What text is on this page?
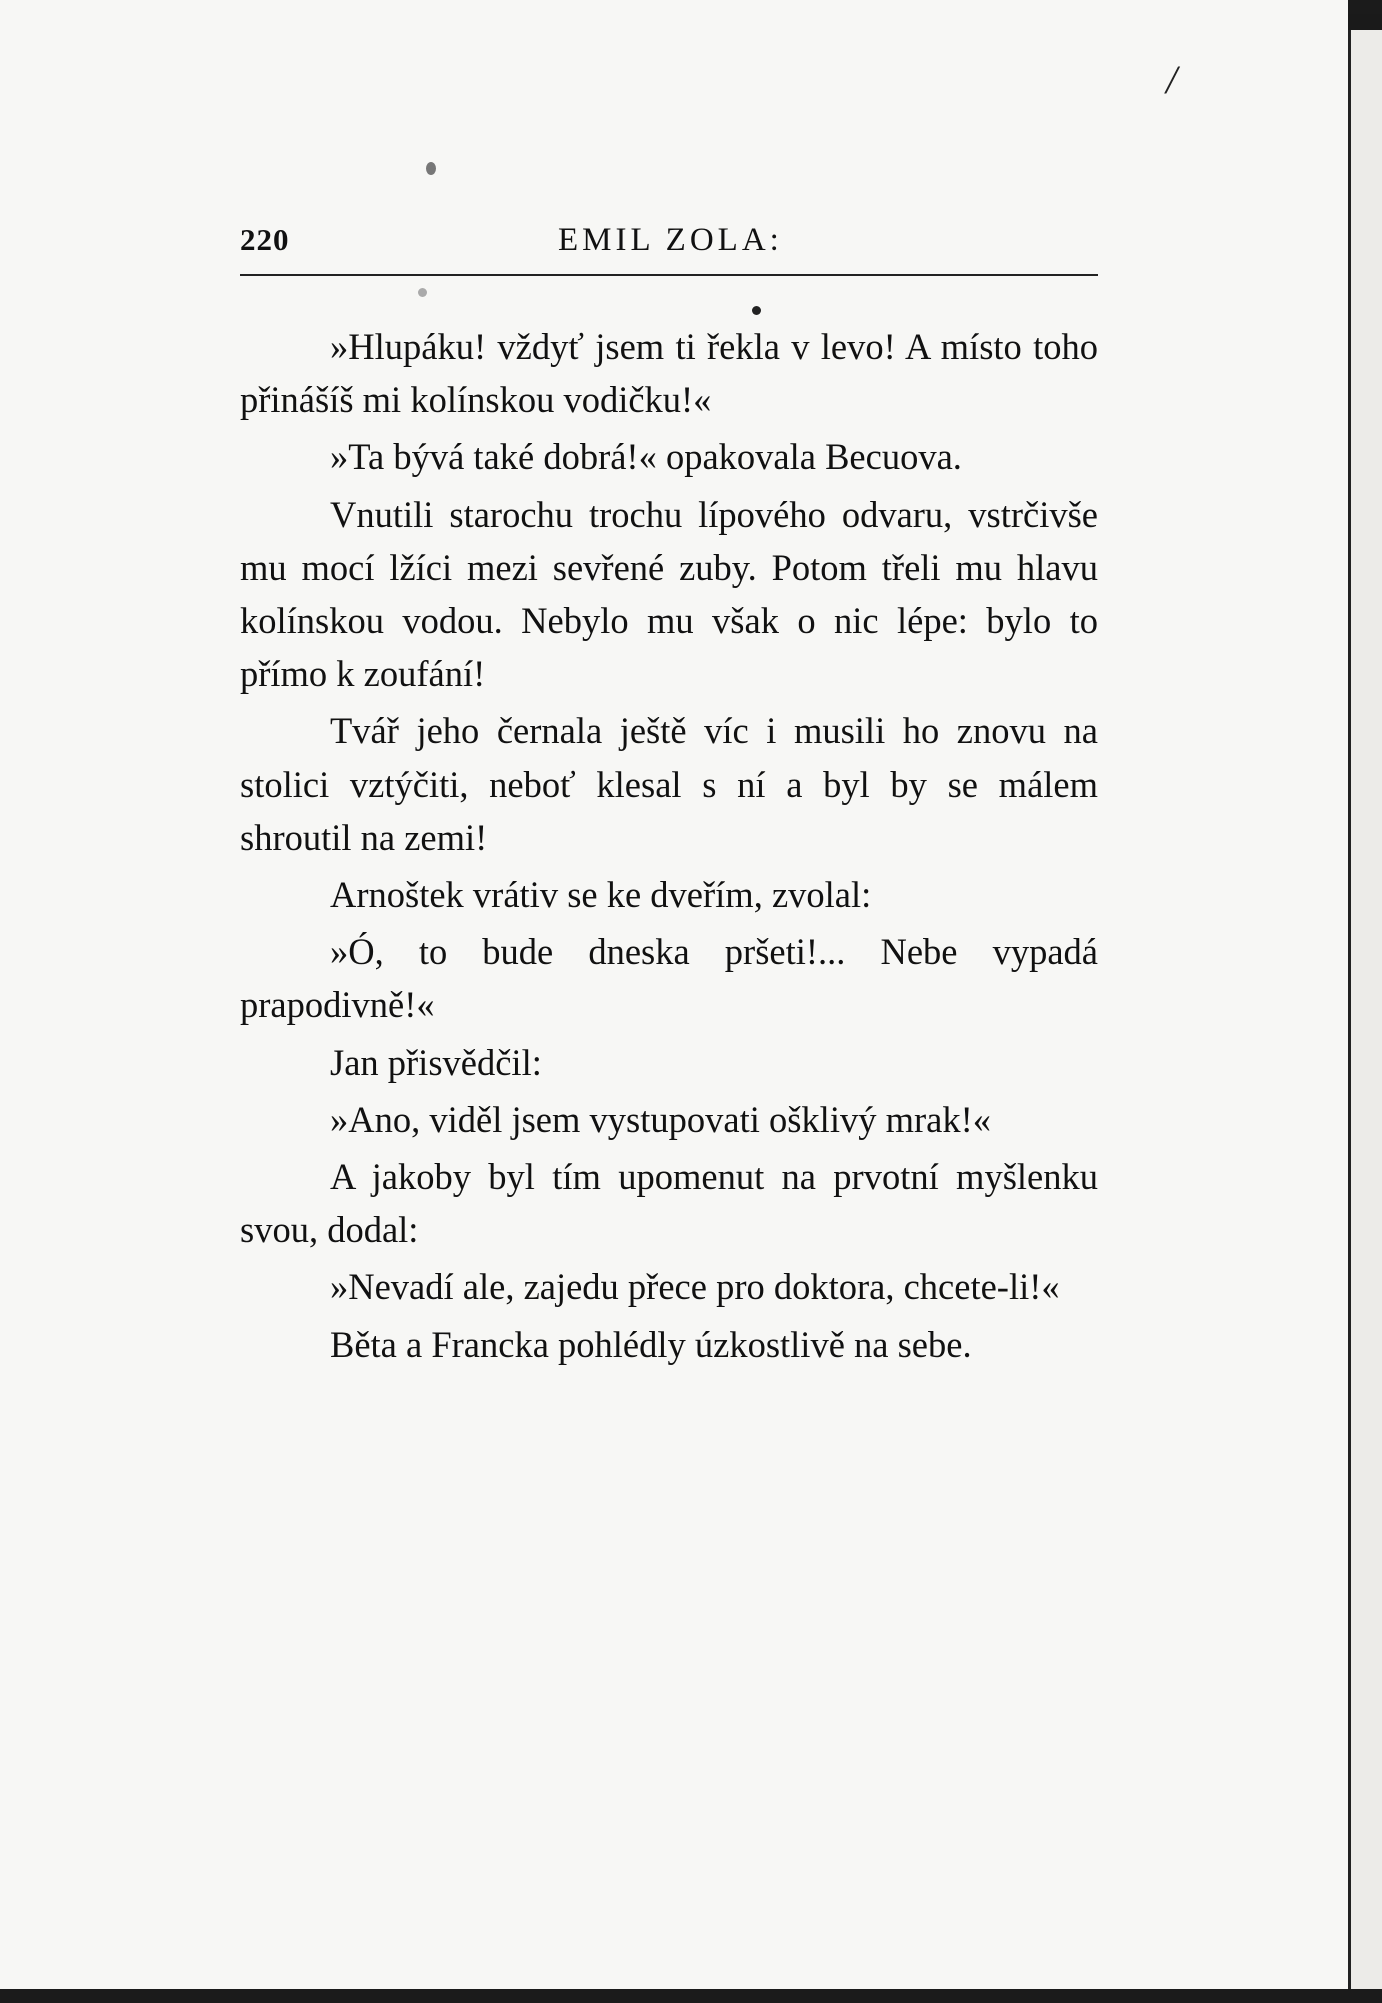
/
220	EMIL ZOLA:

»Hlupáku! vždyť jsem ti řekla v levo! A místo toho přinášíš mi kolínskou vodičku!«

»Ta bývá také dobrá!« opakovala Becuova.

Vnutili starochu trochu lípového odvaru, vstrčivše mu mocí lžíci mezi sevřené zuby. Potom třeli mu hlavu kolínskou vodou. Nebylo mu však o nic lépe: bylo to přímo k zoufání!

Tvář jeho černala ještě víc i musili ho znovu na stolici vztýčiti, neboť klesal s ní a byl by se málem shroutil na zemi!

Arnoštek vrátiv se ke dveřím, zvolal:

»Ó, to bude dneska pršeti!... Nebe vypadá prapodivně!«

Jan přisvědčil:

»Ano, viděl jsem vystupovati ošklivý mrak!«

A jakoby byl tím upomenut na prvotní myšlenku svou, dodal:

»Nevadí ale, zajedu přece pro doktora, chcete-li!«

Běta a Francka pohlédly úzkostlivě na sebe.
